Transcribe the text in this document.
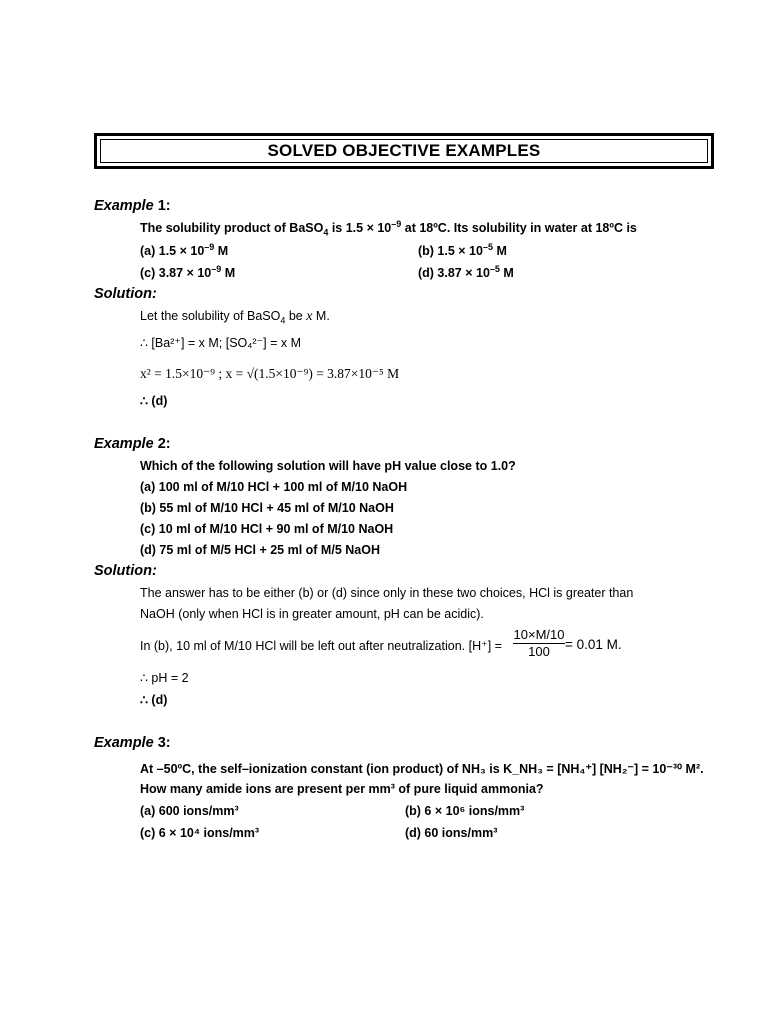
SOLVED OBJECTIVE EXAMPLES
Example 1:
The solubility product of BaSO$_4$ is $1.5 \times 10^{-9}$ at 18ºC. Its solubility in water at 18ºC is
(a) $1.5 \times 10^{-9}$ M	(b) $1.5 \times 10^{-5}$ M
(c) $3.87 \times 10^{-9}$ M	(d) $3.87 \times 10^{-5}$ M
Solution:
Let the solubility of BaSO$_4$ be x M.
∴ [Ba²⁺] = x M; [SO₄²⁻] = x M
x² = 1.5×10⁻⁹ ; x = √(1.5×10⁻⁹) = 3.87×10⁻⁵ M
∴ (d)
Example 2:
Which of the following solution will have pH value close to 1.0?
(a) 100 ml of M/10 HCl + 100 ml of M/10 NaOH
(b) 55 ml of M/10 HCl + 45 ml of M/10 NaOH
(c) 10 ml of M/10 HCl + 90 ml of M/10 NaOH
(d) 75 ml of M/5 HCl + 25 ml of M/5 NaOH
Solution:
The answer has to be either (b) or (d) since only in these two choices, HCl is greater than
NaOH (only when HCl is in greater amount, pH can be acidic).
In (b), 10 ml of M/10 HCl will be left out after neutralization. $[H^+] = \frac{10\times M/10}{100} = 0.01$ M.
∴ pH = 2
∴ (d)
Example 3:
At –50ºC, the self–ionization constant (ion product) of NH₃ is K_NH₃ = [NH₄⁺] [NH₂⁻] = 10⁻³⁰ M².
How many amide ions are present per mm³ of pure liquid ammonia?
(a) 600 ions/mm³	(b) 6 × 10⁶ ions/mm³
(c) 6 × 10⁴ ions/mm³	(d) 60 ions/mm³
